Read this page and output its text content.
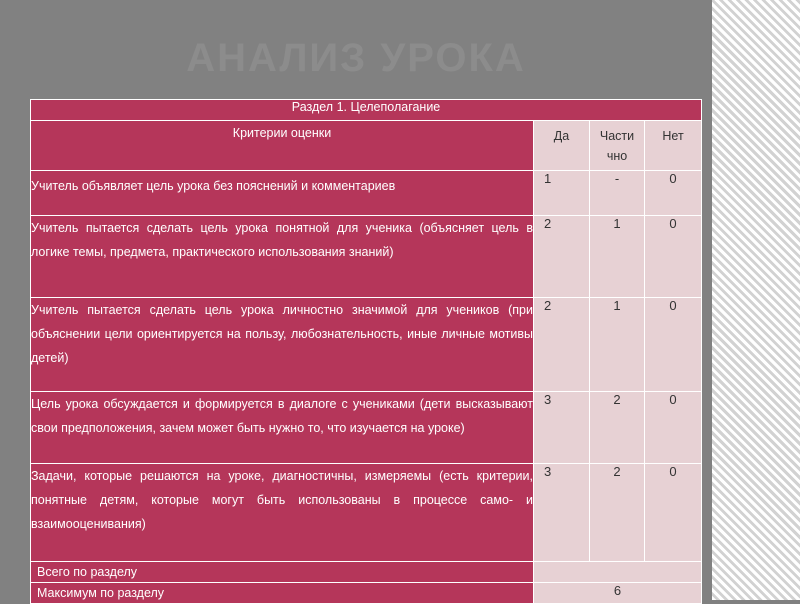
АНАЛИЗ УРОКА
Раздел 1. Целеполагание			
Критерии оценки	Да	Частично	Нет
Учитель объявляет цель урока без пояснений и комментариев	1	-	0
Учитель пытается сделать цель урока понятной для ученика (объясняет цель в логике темы, предмета, практического использования знаний)	2	1	0
Учитель пытается сделать цель урока личностно значимой для учеников (при объяснении цели ориентируется на пользу, любознательность, иные личные мотивы детей)	2	1	0
Цель урока обсуждается и формируется в диалоге с учениками (дети высказывают свои предположения, зачем может быть нужно то, что изучается на уроке)	3	2	0
Задачи, которые решаются на уроке, диагностичны, измеряемы (есть критерии, понятные детям, которые могут быть использованы в процессе само- и взаимооценивания)	3	2	0
Всего по разделу			
Максимум по разделу	6		
